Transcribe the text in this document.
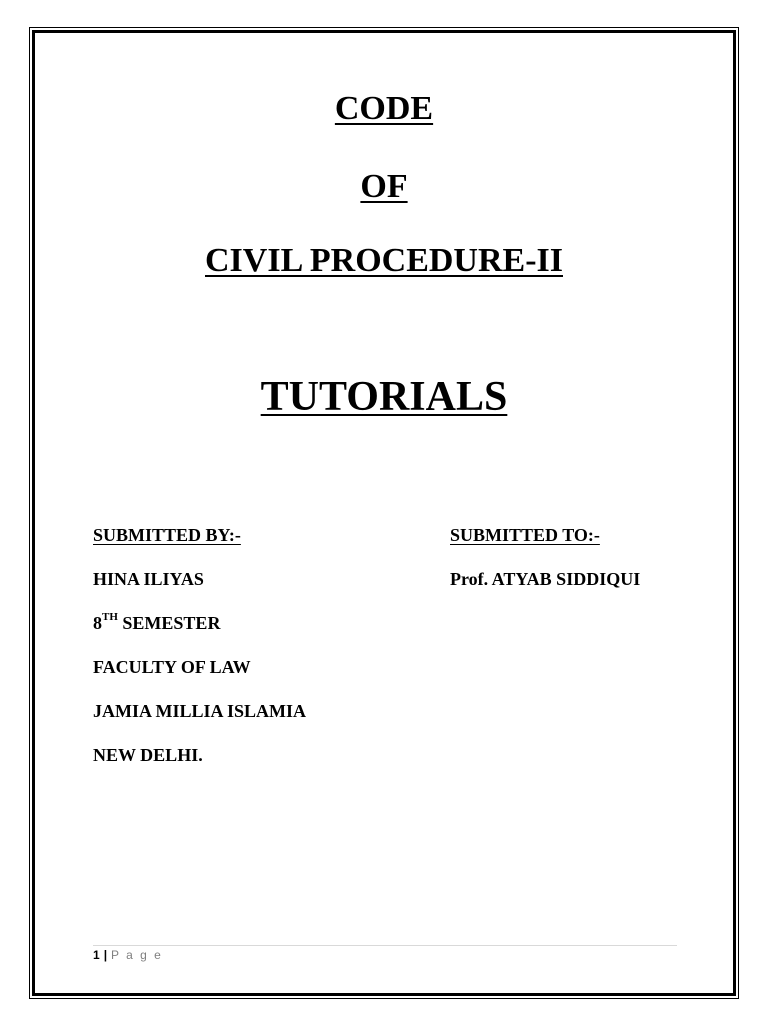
CODE
OF
CIVIL PROCEDURE-II
TUTORIALS
SUBMITTED BY:-
HINA ILIYAS
8TH SEMESTER
FACULTY OF LAW
JAMIA MILLIA ISLAMIA
NEW DELHI.
SUBMITTED TO:-
Prof. ATYAB SIDDIQUI
1 | P a g e
